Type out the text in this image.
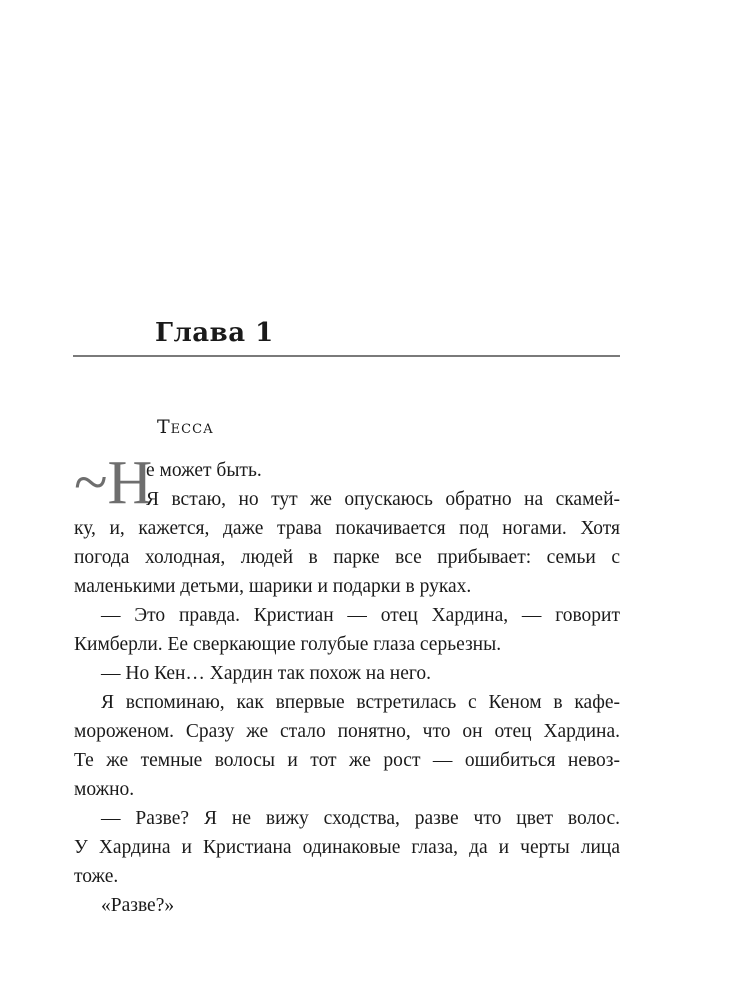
Глава 1
Тесса
~Н
е может быть.
Я встаю, но тут же опускаюсь обратно на скамей-
ку, и, кажется, даже трава покачивается под ногами. Хотя
погода холодная, людей в парке все прибывает: семьи с
маленькими детьми, шарики и подарки в руках.
— Это правда. Кристиан — отец Хардина, — говорит
Кимберли. Ее сверкающие голубые глаза серьезны.
— Но Кен… Хардин так похож на него.
Я вспоминаю, как впервые встретилась с Кеном в кафе-
мороженом. Сразу же стало понятно, что он отец Хардина.
Те же темные волосы и тот же рост — ошибиться невоз-
можно.
— Разве? Я не вижу сходства, разве что цвет волос.
У Хардина и Кристиана одинаковые глаза, да и черты лица
тоже.
«Разве?»
